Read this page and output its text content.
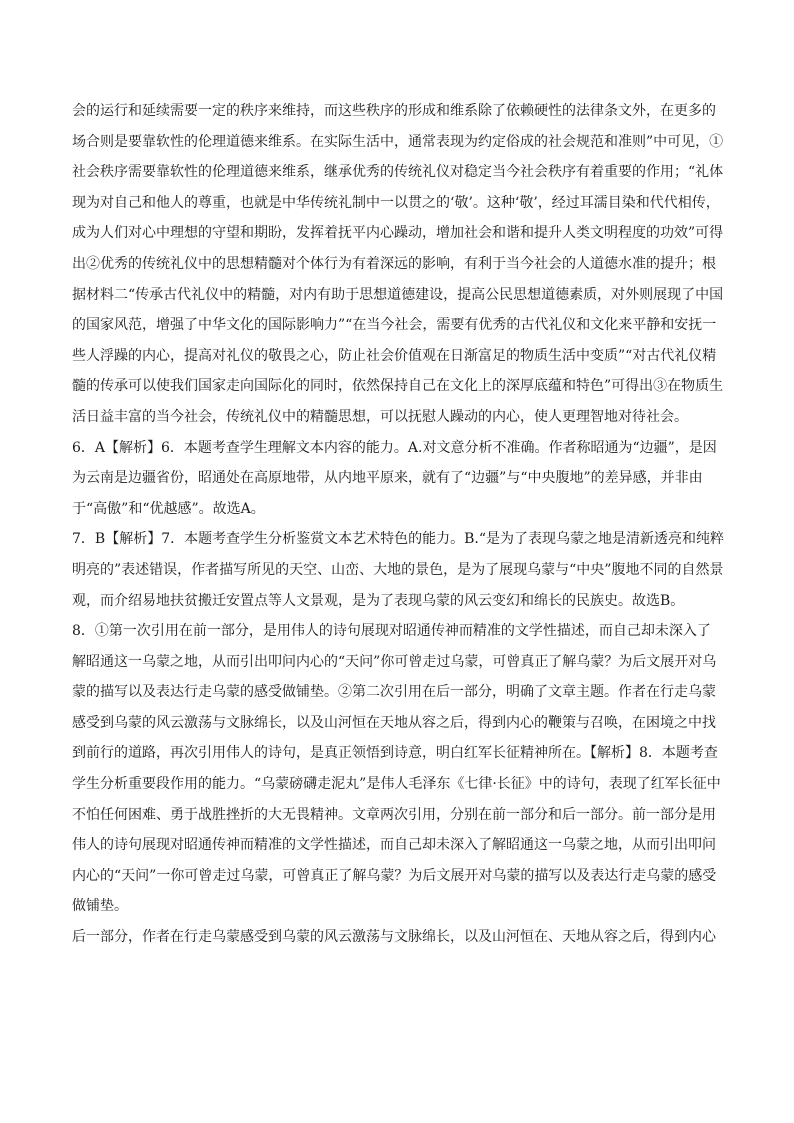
会的运行和延续需要一定的秩序来维持，而这些秩序的形成和维系除了依赖硬性的法律条文外，在更多的场合则是要靠软性的伦理道德来维系。在实际生活中，通常表现为约定俗成的社会规范和准则”中可见，①社会秩序需要靠软性的伦理道德来维系，继承优秀的传统礼仪对稳定当今社会秩序有着重要的作用；“礼体现为对自己和他人的尊重，也就是中华传统礼制中一以贯之的‘敬’。这种‘敬’，经过耳濡目染和代代相传，成为人们对心中理想的守望和期盼，发挥着抚平内心躁动，增加社会和谐和提升人类文明程度的功效”可得出②优秀的传统礼仪中的思想精髓对个体行为有着深远的影响，有利于当今社会的人道德水准的提升；根据材料二“传承古代礼仪中的精髓，对内有助于思想道德建设，提高公民思想道德素质，对外则展现了中国的国家风范，增强了中华文化的国际影响力”“在当今社会，需要有优秀的古代礼仪和文化来平静和安抚一些人浮躁的内心，提高对礼仪的敬畏之心，防止社会价值观在日渐富足的物质生活中变质”“对古代礼仪精髓的传承可以使我们国家走向国际化的同时，依然保持自己在文化上的深厚底蕴和特色”可得出③在物质生活日益丰富的当今社会，传统礼仪中的精髓思想，可以抚慰人躁动的内心，使人更理智地对待社会。

6．A【解析】6．本题考查学生理解文本内容的能力。A.对文意分析不准确。作者称昭通为“边疆”，是因为云南是边疆省份，昭通处在高原地带，从内地平原来，就有了“边疆”与“中央腹地”的差异感，并非由于“高傲”和“优越感”。故选A。

7．B【解析】7．本题考查学生分析鉴赏文本艺术特色的能力。B.“是为了表现乌蒙之地是清新透亮和纯粹明亮的”表述错误，作者描写所见的天空、山峦、大地的景色，是为了展现乌蒙与“中央”腹地不同的自然景观，而介绍易地扶贫搬迁安置点等人文景观，是为了表现乌蒙的风云变幻和绵长的民族史。故选B。

8．①第一次引用在前一部分，是用伟人的诗句展现对昭通传神而精准的文学性描述，而自己却未深入了解昭通这一乌蒙之地，从而引出叩问内心的“天问”你可曾走过乌蒙，可曾真正了解乌蒙？为后文展开对乌蒙的描写以及表达行走乌蒙的感受做铺垫。②第二次引用在后一部分，明确了文章主题。作者在行走乌蒙感受到乌蒙的风云激荡与文脉绵长，以及山河恒在天地从容之后，得到内心的鞭策与召唤，在困境之中找到前行的道路，再次引用伟人的诗句，是真正领悟到诗意，明白红军长征精神所在。【解析】8．本题考查学生分析重要段作用的能力。“乌蒙磅礴走泥丸”是伟人毛泽东《七律·长征》中的诗句，表现了红军长征中不怕任何困难、勇于战胜挫折的大无畏精神。文章两次引用，分别在前一部分和后一部分。前一部分是用伟人的诗句展现对昭通传神而精准的文学性描述，而自己却未深入了解昭通这一乌蒙之地，从而引出叩问内心的“天问”一你可曾走过乌蒙，可曾真正了解乌蒙？为后文展开对乌蒙的描写以及表达行走乌蒙的感受做铺垫。

后一部分，作者在行走乌蒙感受到乌蒙的风云激荡与文脉绵长，以及山河恒在、天地从容之后，得到内心
